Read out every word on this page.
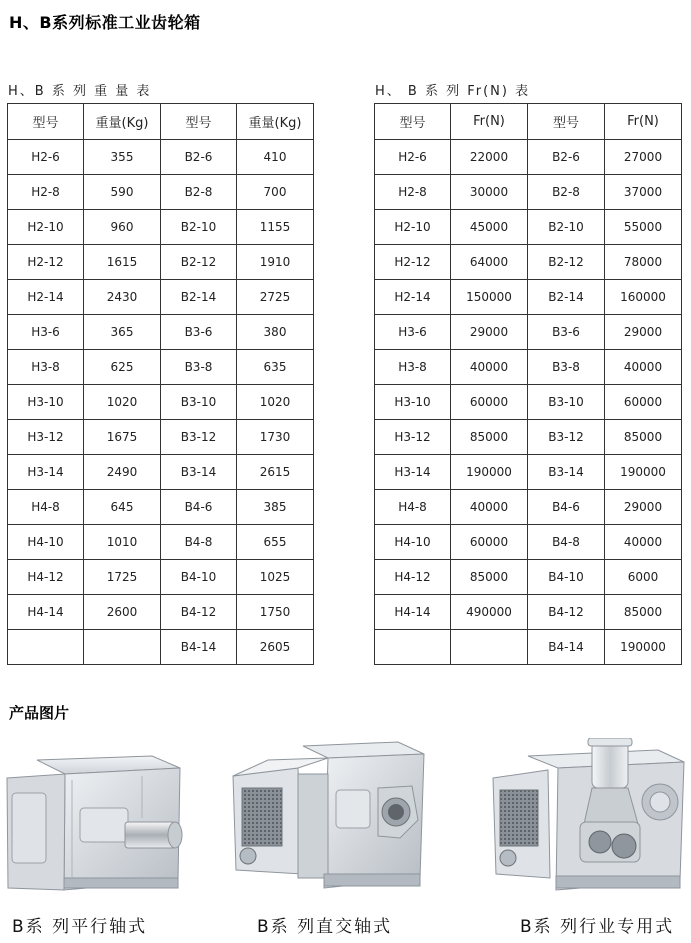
H、B系列标准工业齿轮箱
H、B 系 列 重 量 表	H、 B 系 列 Fr(N) 表
型号	重量(Kg)	型号	重量(Kg)
H2-6	355	B2-6	410
H2-8	590	B2-8	700
H2-10	960	B2-10	1155
H2-12	1615	B2-12	1910
H2-14	2430	B2-14	2725
H3-6	365	B3-6	380
H3-8	625	B3-8	635
H3-10	1020	B3-10	1020
H3-12	1675	B3-12	1730
H3-14	2490	B3-14	2615
H4-8	645	B4-6	385
H4-10	1010	B4-8	655
H4-12	1725	B4-10	1025
H4-14	2600	B4-12	1750
		B4-14	2605
型号	Fr(N)	型号	Fr(N)
H2-6	22000	B2-6	27000
H2-8	30000	B2-8	37000
H2-10	45000	B2-10	55000
H2-12	64000	B2-12	78000
H2-14	150000	B2-14	160000
H3-6	29000	B3-6	29000
H3-8	40000	B3-8	40000
H3-10	60000	B3-10	60000
H3-12	85000	B3-12	85000
H3-14	190000	B3-14	190000
H4-8	40000	B4-6	29000
H4-10	60000	B4-8	40000
H4-12	85000	B4-10	6000
H4-14	490000	B4-12	85000
		B4-14	190000
产品图片
B系 列平行轴式	B系 列直交轴式	B系 列行业专用式
